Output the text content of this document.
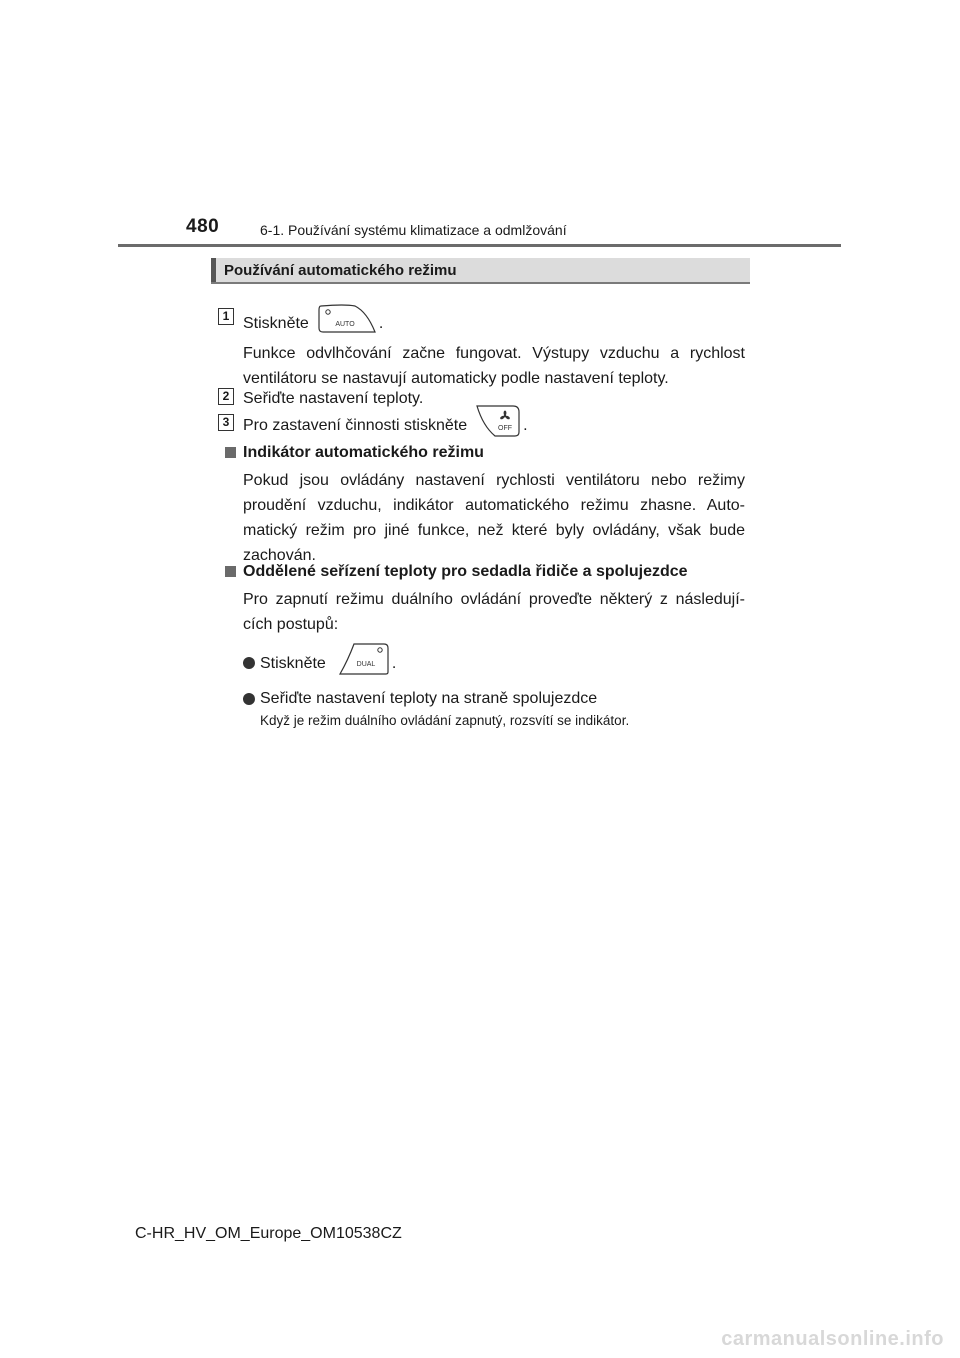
480	6-1. Používání systému klimatizace a odmlžování
Používání automatického režimu
1 Stiskněte	AUTO .
Funkce odvlhčování začne fungovat. Výstupy vzduchu a rychlost ventilátoru se nastavují automaticky podle nastavení teploty.
2 Seřiďte nastavení teploty.
3 Pro zastavení činnosti stiskněte	OFF .
Indikátor automatického režimu
Pokud jsou ovládány nastavení rychlosti ventilátoru nebo režimy proudění vzduchu, indikátor automatického režimu zhasne. Auto- matický režim pro jiné funkce, než které byly ovládány, však bude zachován.
Oddělené seřízení teploty pro sedadla řidiče a spolujezdce
Pro zapnutí režimu duálního ovládání proveďte některý z následují- cích postupů:
Stiskněte	DUAL .
Seřiďte nastavení teploty na straně spolujezdce
Když je režim duálního ovládání zapnutý, rozsvítí se indikátor.
C-HR_HV_OM_Europe_OM10538CZ
carmanualsonline.info
